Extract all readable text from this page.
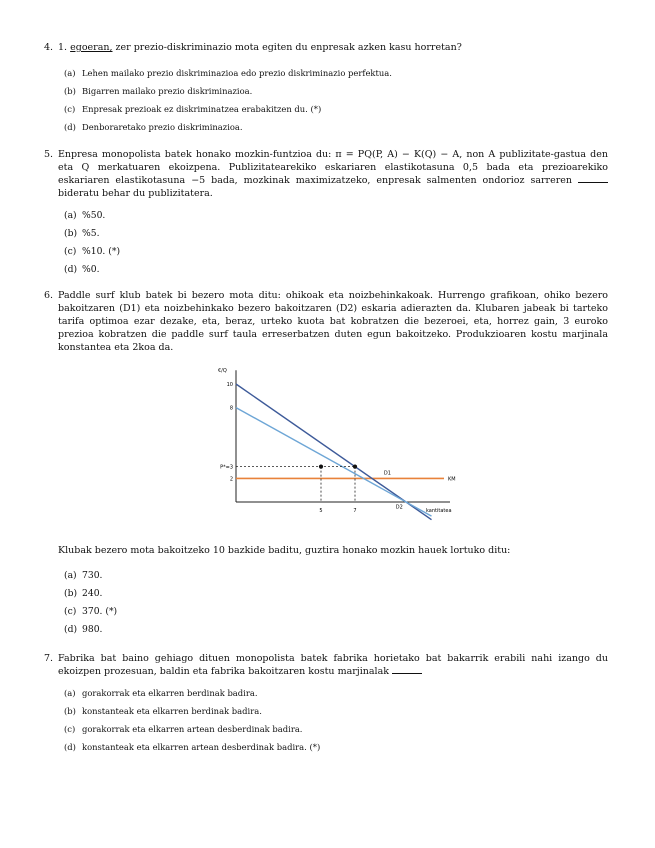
4. 1. egoeran, zer prezio-diskriminazio mota egiten du enpresak azken kasu horretan?
(a) Lehen mailako prezio diskriminazioa edo prezio diskriminazio perfektua.
(b) Bigarren mailako prezio diskriminazioa.
(c) Enpresak prezioak ez diskriminatzea erabakitzen du. (*)
(d) Denboraretako prezio diskriminazioa.
5. Enpresa monopolista batek honako mozkin-funtzioa du: π = PQ(P, A) − K(Q) − A, non A publizitate-gastua den eta Q merkatuaren ekoizpena. Publizitatearekiko eskariaren elastikotasuna 0,5 bada eta prezioarekiko eskariaren elastikotasuna −5 bada, mozkinak maximizatzeko, enpresak salmenten ondorioz sarreren  bideratu behar du publizitatera.
(a) %50.
(b) %5.
(c) %10. (*)
(d) %0.
6. Paddle surf klub batek bi bezero mota ditu: ohikoak eta noizbehinkakoak. Hurrengo grafikoan, ohiko bezero bakoitzaren (D1) eta noizbehinkako bezero bakoitzaren (D2) eskaria adierazten da. Klubaren jabeak bi tarteko tarifa optimoa ezar dezake, eta, beraz, urteko kuota bat kobratzen die bezeroei, eta, horrez gain, 3 euroko prezioa kobratzen die paddle surf taula erreserbatzen duten egun bakoitzeko. Produkzioaren kostu marjinala konstantea eta 2koa da.
€/Q
kantitatea
KM
D1
D2
10
8
P*=3
2
5	7
Klubak bezero mota bakoitzeko 10 bazkide baditu, guztira honako mozkin hauek lortuko ditu:
(a) 730.
(b) 240.
(c) 370. (*)
(d) 980.
7. Fabrika bat baino gehiago dituen monopolista batek fabrika horietako bat bakarrik erabili nahi izango du ekoizpen prozesuan, baldin eta fabrika bakoitzaren kostu marjinalak
(a) gorakorrak eta elkarren berdinak badira.
(b) konstanteak eta elkarren berdinak badira.
(c) gorakorrak eta elkarren artean desberdinak badira.
(d) konstanteak eta elkarren artean desberdinak badira. (*)
